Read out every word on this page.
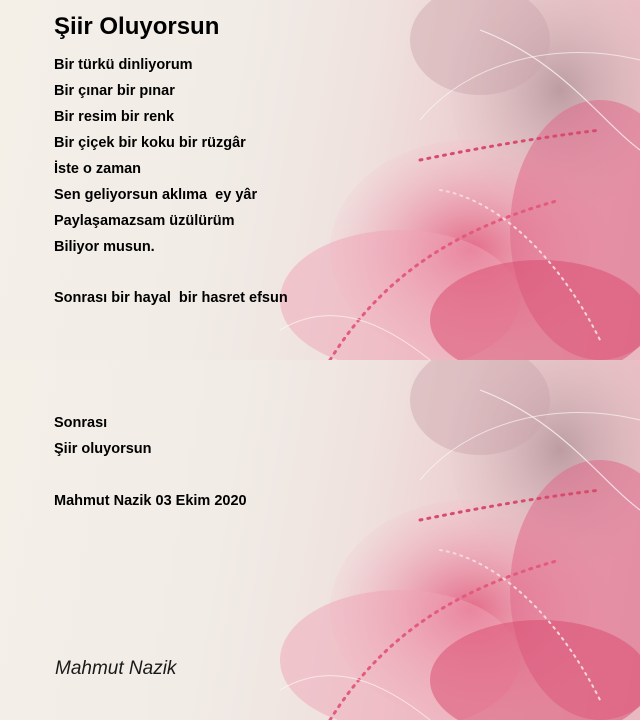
Şiir Oluyorsun
Bir türkü dinliyorum
Bir çınar bir pınar
Bir resim bir renk
Bir çiçek bir koku bir rüzgâr
İste o zaman
Sen geliyorsun aklıma  ey yâr
Paylaşamazsam üzülürüm
Biliyor musun.
Sonrası bir hayal  bir hasret efsun
Sonrası
Şiir oluyorsun
Mahmut Nazik 03 Ekim 2020
Mahmut Nazik
